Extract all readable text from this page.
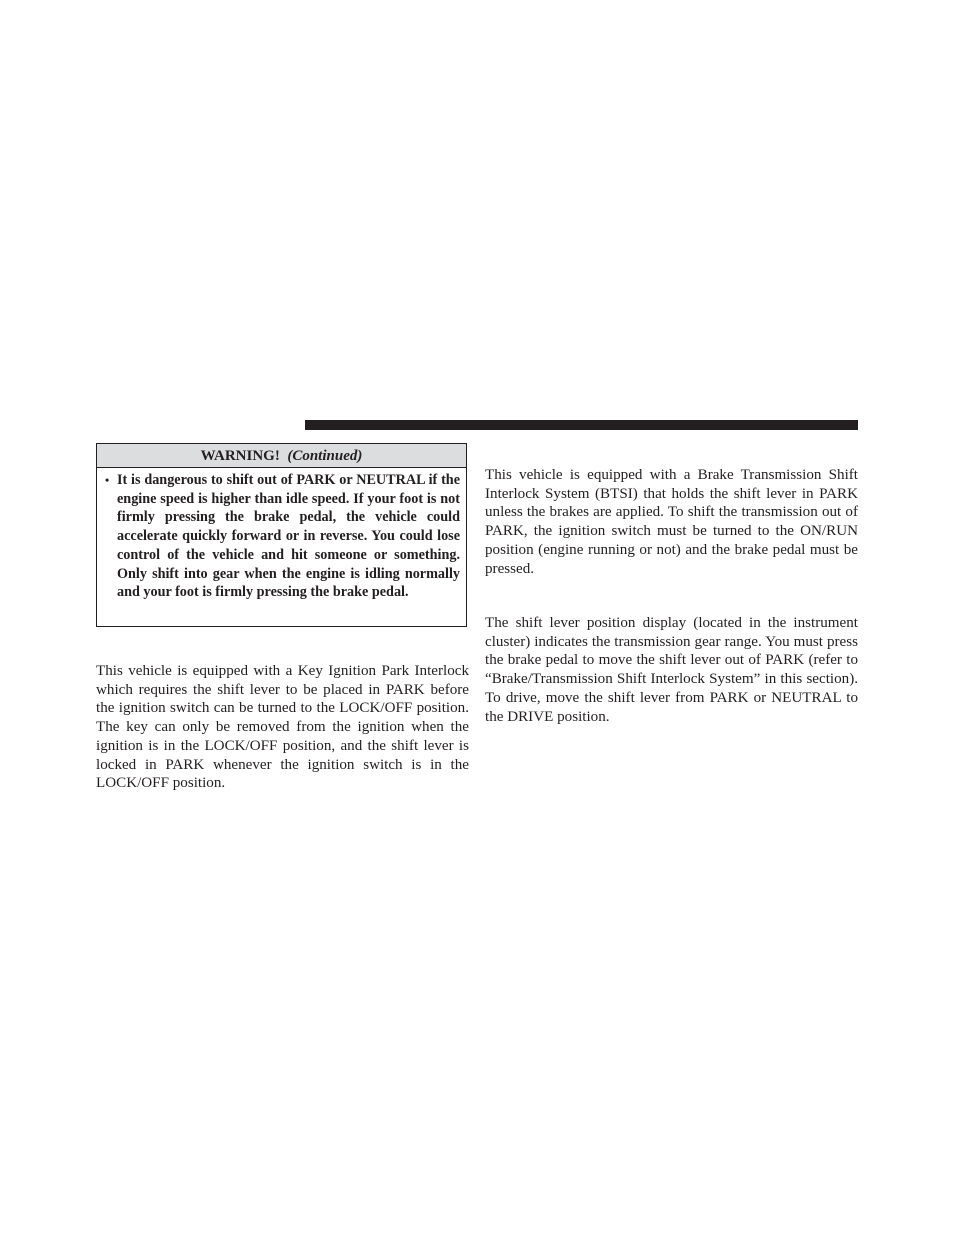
WARNING! (Continued)
• It is dangerous to shift out of PARK or NEUTRAL if the engine speed is higher than idle speed. If your foot is not firmly pressing the brake pedal, the vehicle could accelerate quickly forward or in reverse. You could lose control of the vehicle and hit someone or something. Only shift into gear when the engine is idling normally and your foot is firmly pressing the brake pedal.

This vehicle is equipped with a Key Ignition Park Interlock which requires the shift lever to be placed in PARK before the ignition switch can be turned to the LOCK/​OFF position. The key can only be removed from the ignition when the ignition is in the LOCK/OFF position, and the shift lever is locked in PARK whenever the ignition switch is in the LOCK/OFF position.

This vehicle is equipped with a Brake Transmission Shift Interlock System (BTSI) that holds the shift lever in PARK unless the brakes are applied. To shift the transmission out of PARK, the ignition switch must be turned to the ON/RUN position (engine running or not) and the brake pedal must be pressed.

The shift lever position display (located in the instrument cluster) indicates the transmission gear range. You must press the brake pedal to move the shift lever out of PARK (refer to “Brake/Transmission Shift Interlock System” in this section). To drive, move the shift lever from PARK or NEUTRAL to the DRIVE position.
